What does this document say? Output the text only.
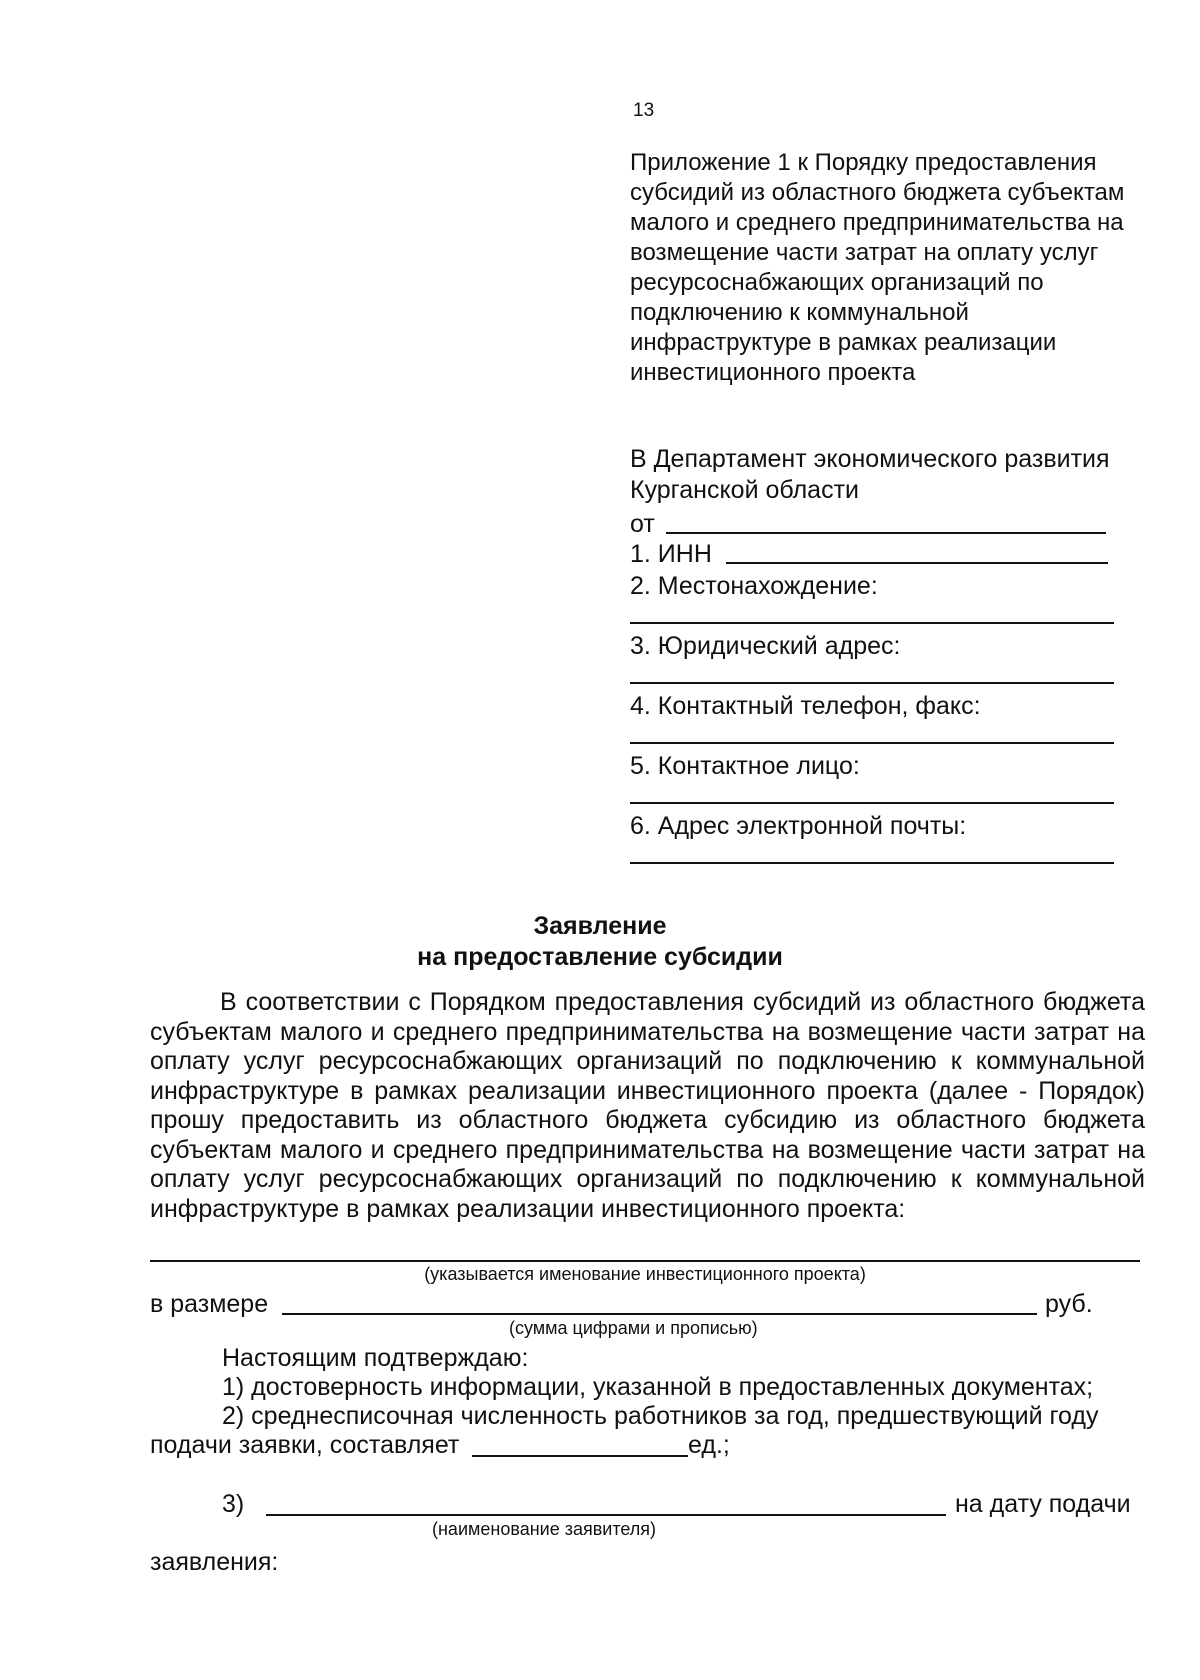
13
Приложение 1 к Порядку предоставления субсидий из областного бюджета субъектам малого и среднего предпринимательства на возмещение части затрат на оплату услуг ресурсоснабжающих организаций по подключению к коммунальной инфраструктуре в рамках реализации инвестиционного проекта
В Департамент экономического развития Курганской области
от
1. ИНН
2. Местонахождение:
3. Юридический адрес:
4. Контактный телефон, факс:
5. Контактное лицо:
6. Адрес электронной почты:
Заявление
на предоставление субсидии

В соответствии с Порядком предоставления субсидий из областного бюджета субъектам малого и среднего предпринимательства на возмещение части затрат на оплату услуг ресурсоснабжающих организаций по подключению к коммунальной инфраструктуре в рамках реализации инвестиционного проекта (далее - Порядок) прошу предоставить из областного бюджета субсидию из областного бюджета субъектам малого и среднего предпринимательства на возмещение части затрат на оплату услуг ресурсоснабжающих организаций по подключению к коммунальной инфраструктуре в рамках реализации инвестиционного проекта:

(указывается именование инвестиционного проекта)
в размере	руб.
(сумма цифрами и прописью)
Настоящим подтверждаю:
1) достоверность информации, указанной в предоставленных документах;
2) среднесписочная численность работников за год, предшествующий году
подачи заявки, составляет	ед.;
3)	на дату подачи
(наименование заявителя)
заявления:
